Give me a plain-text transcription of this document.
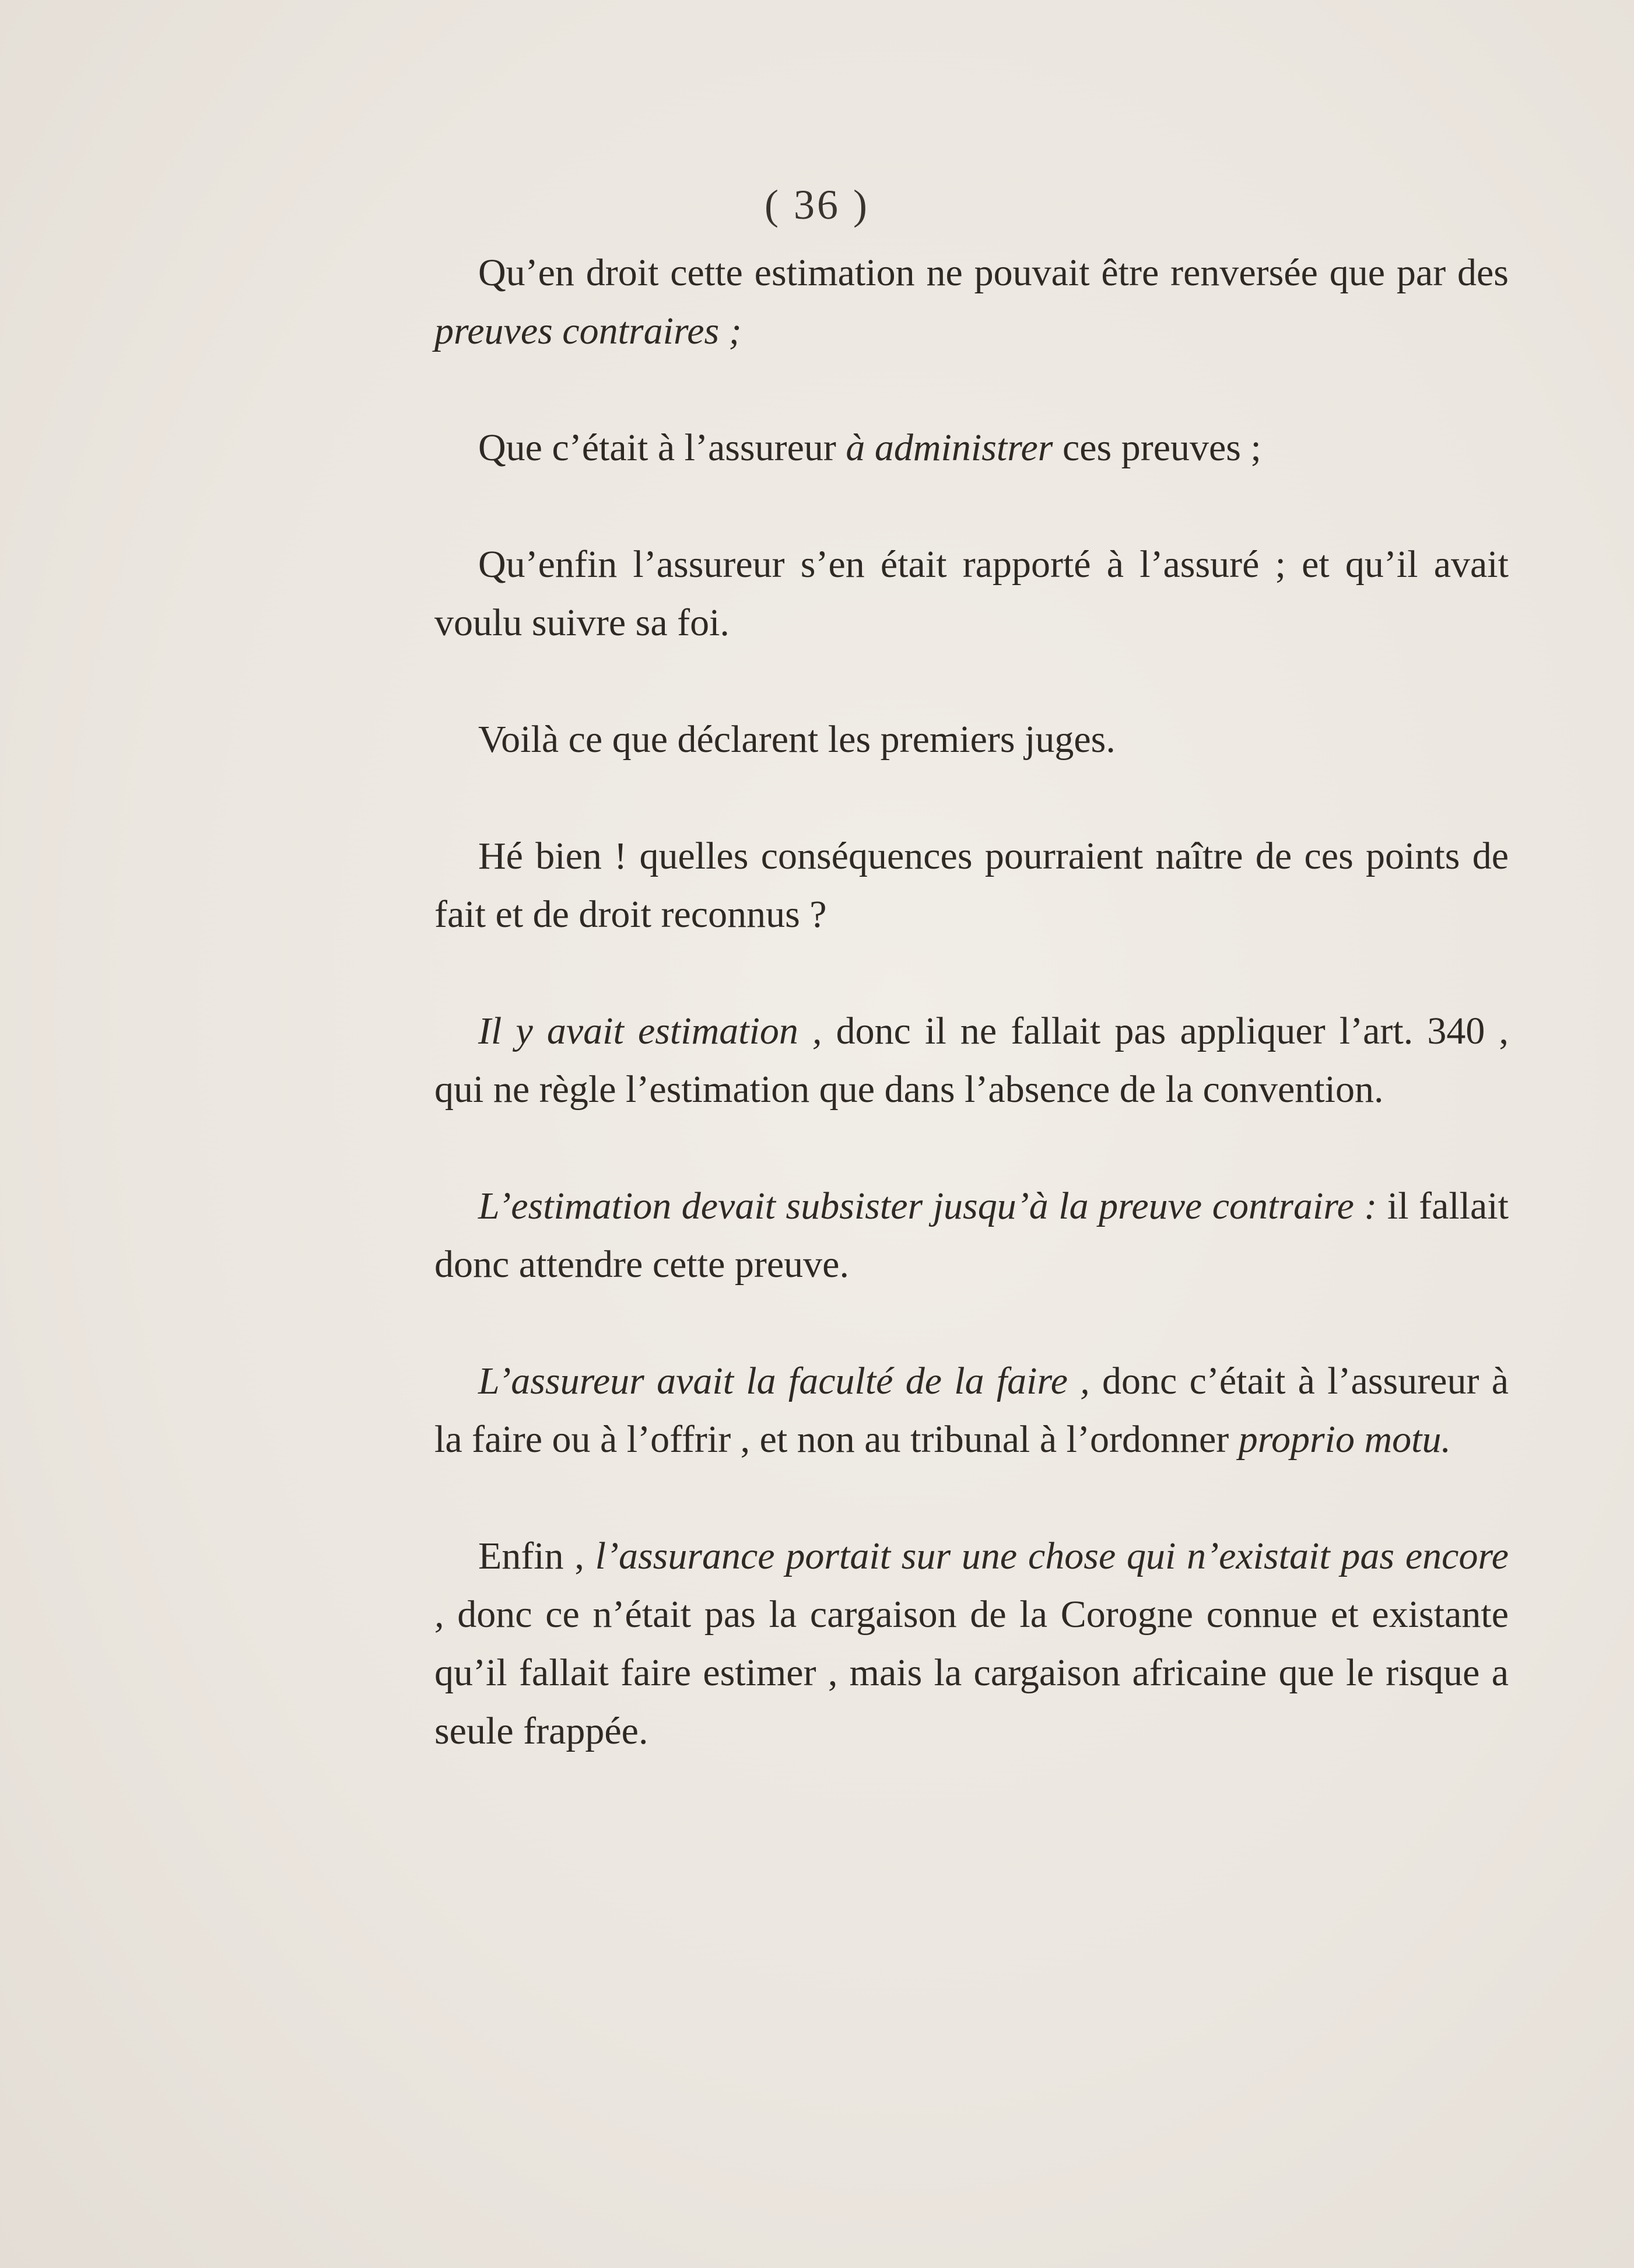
( 36 )

Qu’en droit cette estimation ne pouvait être renversée que par des preuves contraires ;

Que c’était à l’assureur à administrer ces preuves ;

Qu’enfin l’assureur s’en était rapporté à l’assuré ; et qu’il avait voulu suivre sa foi.

Voilà ce que déclarent les premiers juges.

Hé bien ! quelles conséquences pourraient naître de ces points de fait et de droit reconnus ?

Il y avait estimation , donc il ne fallait pas appliquer l’art. 340 , qui ne règle l’estimation que dans l’absence de la convention.

L’estimation devait subsister jusqu’à la preuve contraire : il fallait donc attendre cette preuve.

L’assureur avait la faculté de la faire , donc c’était à l’assureur à la faire ou à l’offrir , et non au tribunal à l’ordonner proprio motu.

Enfin , l’assurance portait sur une chose qui n’existait pas encore , donc ce n’était pas la cargaison de la Corogne connue et existante qu’il fallait faire estimer , mais la cargaison africaine que le risque a seule frappée.
